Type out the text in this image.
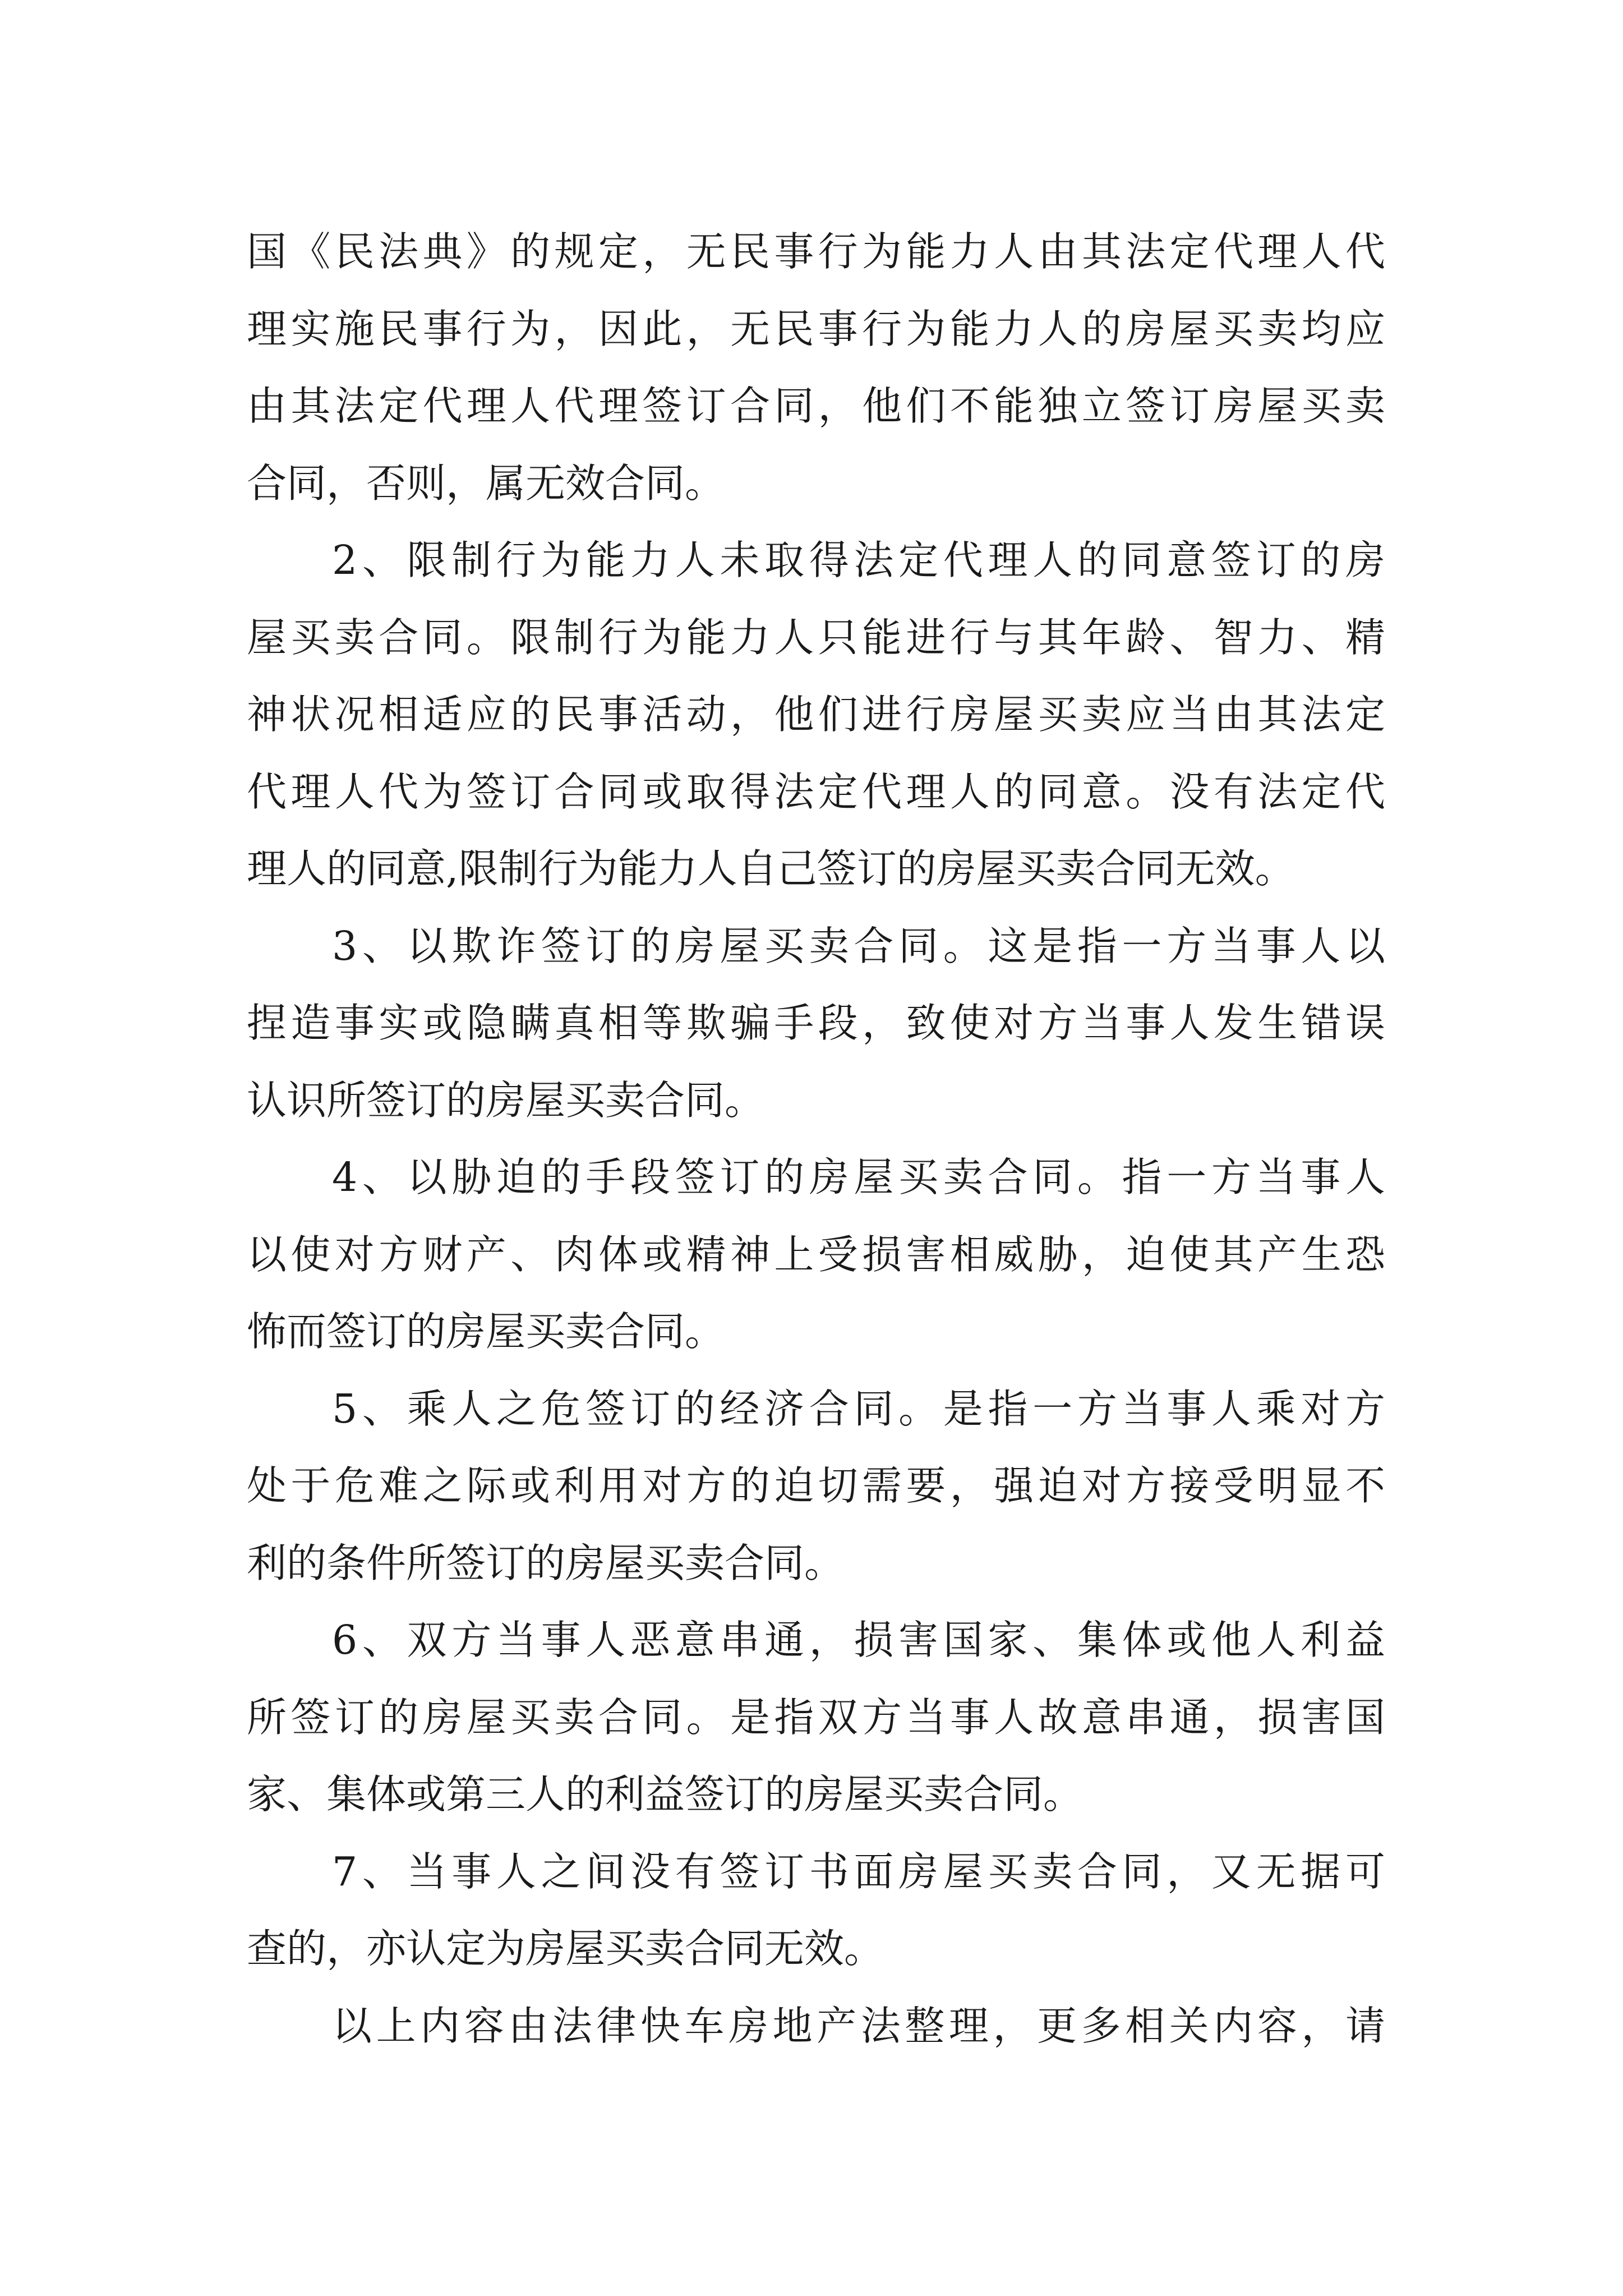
国《民法典》的规定，无民事行为能力人由其法定代理人代
理实施民事行为，因此，无民事行为能力人的房屋买卖均应
由其法定代理人代理签订合同，他们不能独立签订房屋买卖
合同，否则，属无效合同。
2、限制行为能力人未取得法定代理人的同意签订的房
屋买卖合同。限制行为能力人只能进行与其年龄、智力、精
神状况相适应的民事活动，他们进行房屋买卖应当由其法定
代理人代为签订合同或取得法定代理人的同意。没有法定代
理人的同意,限制行为能力人自己签订的房屋买卖合同无效。
3、以欺诈签订的房屋买卖合同。这是指一方当事人以
捏造事实或隐瞒真相等欺骗手段，致使对方当事人发生错误
认识所签订的房屋买卖合同。
4、以胁迫的手段签订的房屋买卖合同。指一方当事人
以使对方财产、肉体或精神上受损害相威胁，迫使其产生恐
怖而签订的房屋买卖合同。
5、乘人之危签订的经济合同。是指一方当事人乘对方
处于危难之际或利用对方的迫切需要，强迫对方接受明显不
利的条件所签订的房屋买卖合同。
6、双方当事人恶意串通，损害国家、集体或他人利益
所签订的房屋买卖合同。是指双方当事人故意串通，损害国
家、集体或第三人的利益签订的房屋买卖合同。
7、当事人之间没有签订书面房屋买卖合同，又无据可
查的，亦认定为房屋买卖合同无效。
以上内容由法律快车房地产法整理，更多相关内容，请
